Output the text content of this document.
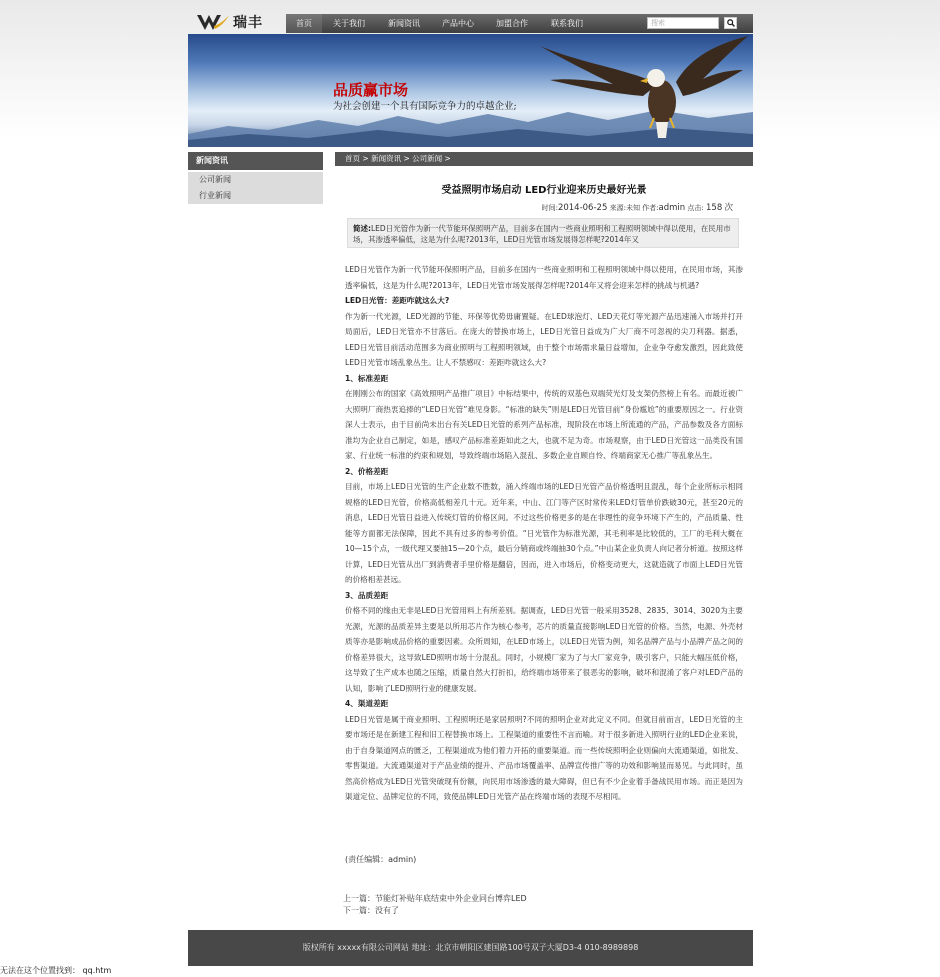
瑞丰	首页	关于我们	新闻资讯	产品中心	加盟合作	联系我们	搜索
品质赢市场
为社会创建一个具有国际竞争力的卓越企业;
新闻资讯
公司新闻
行业新闻
首页 > 新闻资讯 > 公司新闻 >
受益照明市场启动 LED行业迎来历史最好光景
时间:2014-06-25 来源:未知 作者:admin 点击: 158 次
简述:LED日光管作为新一代节能环保照明产品，目前多在国内一些商业照明和工程照明领域中得以使用，在民用市场，其渗透率偏低，这是为什么呢?2013年，LED日光管市场发展得怎样呢?2014年又

LED日光管作为新一代节能环保照明产品，目前多在国内一些商业照明和工程照明领域中得以使用，在民用市场，其渗透率偏低，这是为什么呢?2013年，LED日光管市场发展得怎样呢?2014年又将会迎来怎样的挑战与机遇?

LED日光管：差距咋就这么大?

作为新一代光源，LED光源的节能、环保等优势毋庸置疑。在LED球泡灯、LED天花灯等光源产品迅速涌入市场并打开局面后，LED日光管亦不甘落后。在庞大的替换市场上，LED日光管日益成为广大厂商不可忽视的尖刀利器。据悉，LED日光管目前活动范围多为商业照明与工程照明领域，由于整个市场需求量日益增加，企业争夺愈发激烈，因此致使LED日光管市场乱象丛生。让人不禁感叹：差距咋就这么大?

1、标准差距

在刚刚公布的国家《高效照明产品推广项目》中标结果中，传统的双基色双端荧光灯及支架仍然榜上有名。而最近被广大照明厂商热衷追捧的“LED日光管”难见身影。“标准的缺失”则是LED日光管目前“身份尴尬”的重要原因之一。行业资深人士表示，由于目前尚未出台有关LED日光管的系列产品标准，现阶段在市场上所流通的产品，产品参数及各方面标准均为企业自己制定，如是，感叹产品标准差距如此之大，也就不足为奇。市场观察，由于LED日光管这一品类没有国家、行业统一标准的约束和规划，导致终端市场陷入混乱、多数企业自顾自怜、终端商家无心推广等乱象丛生。

2、价格差距

目前，市场上LED日光管的生产企业数不胜数，涌入终端市场的LED日光管产品价格透明且混乱，每个企业所标示相同规格的LED日光管，价格高低相差几十元。近年来，中山、江门等产区时常传来LED灯管单价跌破30元，甚至20元的消息，LED日光管日益进入传统灯管的价格区间。不过这些价格更多的是在非理性的竞争环境下产生的，产品质量、性能等方面都无法保障，因此不具有过多的参考价值。“日光管作为标准光源，其毛利率是比较低的，工厂的毛利大概在10—15个点，一级代理又要抽15—20个点，最后分销商或终端抽30个点。”中山某企业负责人向记者分析道。按照这样计算，LED日光管从出厂到消费者手里价格是翻倍，因而，进入市场后，价格变动更大，这就造就了市面上LED日光管的价格相差甚远。

3、品质差距

价格不同的缘由无非是LED日光管用料上有所差别。据调查，LED日光管一般采用3528、2835、3014、3020为主要光源，光源的品质差异主要是以所用芯片作为核心参考，芯片的质量直接影响LED日光管的价格。当然，电源、外壳材质等亦是影响成品价格的重要因素。众所周知，在LED市场上，以LED日光管为例，知名品牌产品与小品牌产品之间的价格差异很大，这导致LED照明市场十分混乱。同时，小规模厂家为了与大厂家竞争，吸引客户，只能大幅压低价格，这导致了生产成本也随之压缩，质量自然大打折扣，给终端市场带来了很恶劣的影响，破坏和混淆了客户对LED产品的认知，影响了LED照明行业的健康发展。

4、渠道差距

LED日光管是属于商业照明、工程照明还是家居照明?不同的照明企业对此定义不同。但就目前而言，LED日光管的主要市场还是在新建工程和旧工程替换市场上。工程渠道的重要性不言而喻。对于很多新进入照明行业的LED企业来说，由于自身渠道网点的匮乏，工程渠道成为他们着力开拓的重要渠道。而一些传统照明企业则偏向大流通渠道，如批发、零售渠道。大流通渠道对于产品业绩的提升、产品市场覆盖率、品牌宣传推广等的功效和影响显而易见。与此同时，虽然高价格成为LED日光管突破现有份额，向民用市场渗透的最大障碍，但已有不少企业着手备战民用市场。而正是因为渠道定位、品牌定位的不同，致使品牌LED日光管产品在终端市场的表现不尽相同。

(责任编辑：admin)
上一篇：节能灯补贴年底结束中外企业同台博弈LED
下一篇：没有了
版权所有 xxxxx有限公司网站 地址：北京市朝阳区建国路100号双子大厦D3-4 010-8989898
无法在这个位置找到： qq.htm
